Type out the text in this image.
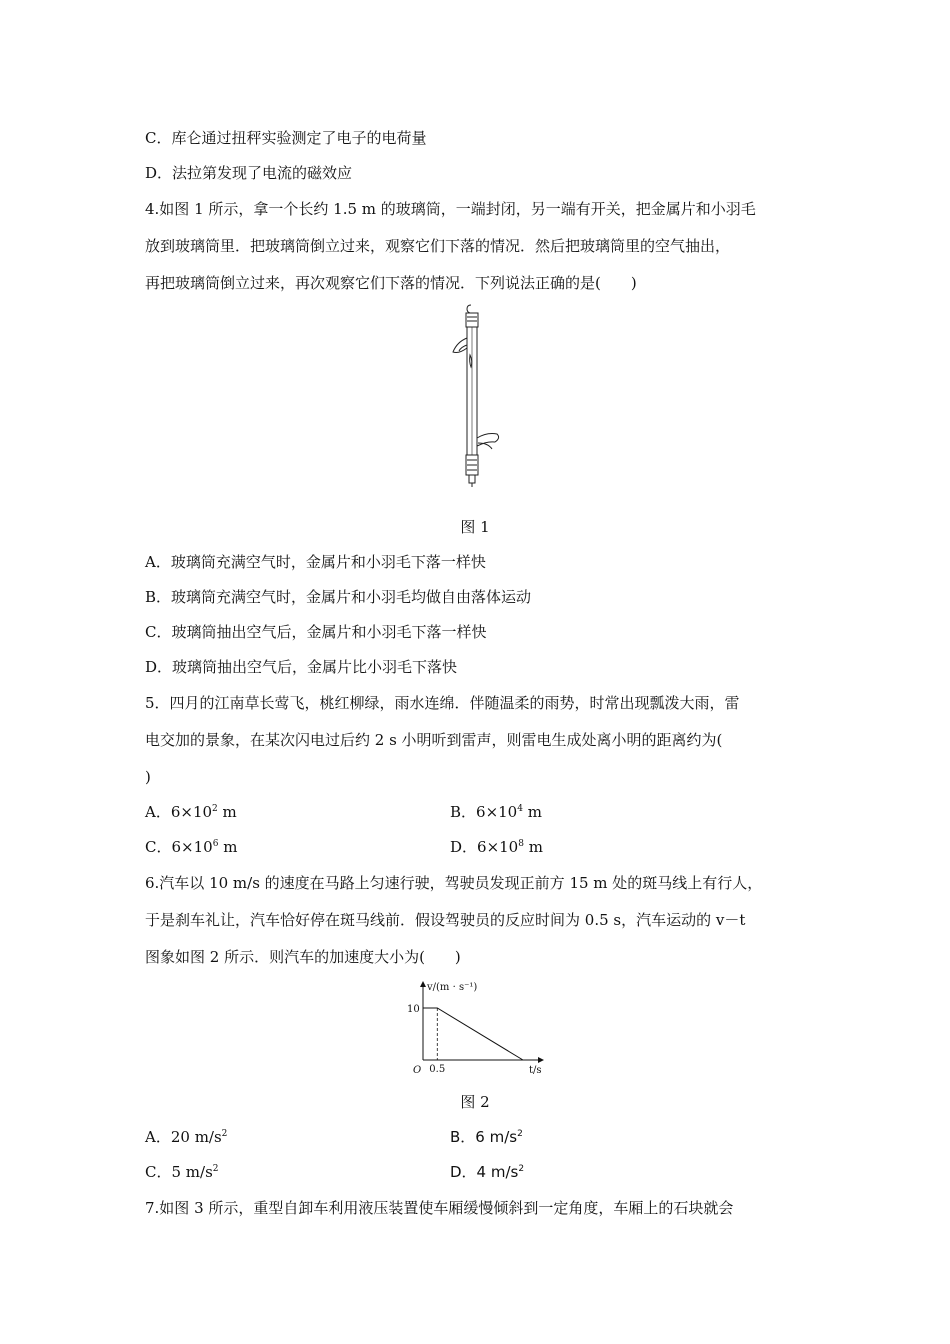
C．库仑通过扭秤实验测定了电子的电荷量
D．法拉第发现了电流的磁效应
4.如图 1 所示，拿一个长约 1.5 m 的玻璃筒，一端封闭，另一端有开关，把金属片和小羽毛
放到玻璃筒里．把玻璃筒倒立过来，观察它们下落的情况．然后把玻璃筒里的空气抽出，
再把玻璃筒倒立过来，再次观察它们下落的情况．下列说法正确的是(　　)
图 1
A．玻璃筒充满空气时，金属片和小羽毛下落一样快
B．玻璃筒充满空气时，金属片和小羽毛均做自由落体运动
C．玻璃筒抽出空气后，金属片和小羽毛下落一样快
D．玻璃筒抽出空气后，金属片比小羽毛下落快
5．四月的江南草长莺飞，桃红柳绿，雨水连绵．伴随温柔的雨势，时常出现瓢泼大雨，雷
电交加的景象，在某次闪电过后约 2 s 小明听到雷声，则雷电生成处离小明的距离约为(
)
A．$6\times 10^2$ m	B．$6\times 10^4$ m
C．$6\times 10^6$ m	D．$6\times 10^8$ m
6.汽车以 10 m/s 的速度在马路上匀速行驶，驾驶员发现正前方 15 m 处的斑马线上有行人，
于是刹车礼让，汽车恰好停在斑马线前．假设驾驶员的反应时间为 0.5 s，汽车运动的 v－t
图象如图 2 所示．则汽车的加速度大小为(　　)
v/(m · s⁻¹)
t/s
O
10
0.5
图 2
A．20 $m/s^2$	B．6 $m/s^2$
C．5 $m/s^2$	D．4 $m/s^2$
7.如图 3 所示，重型自卸车利用液压装置使车厢缓慢倾斜到一定角度，车厢上的石块就会
